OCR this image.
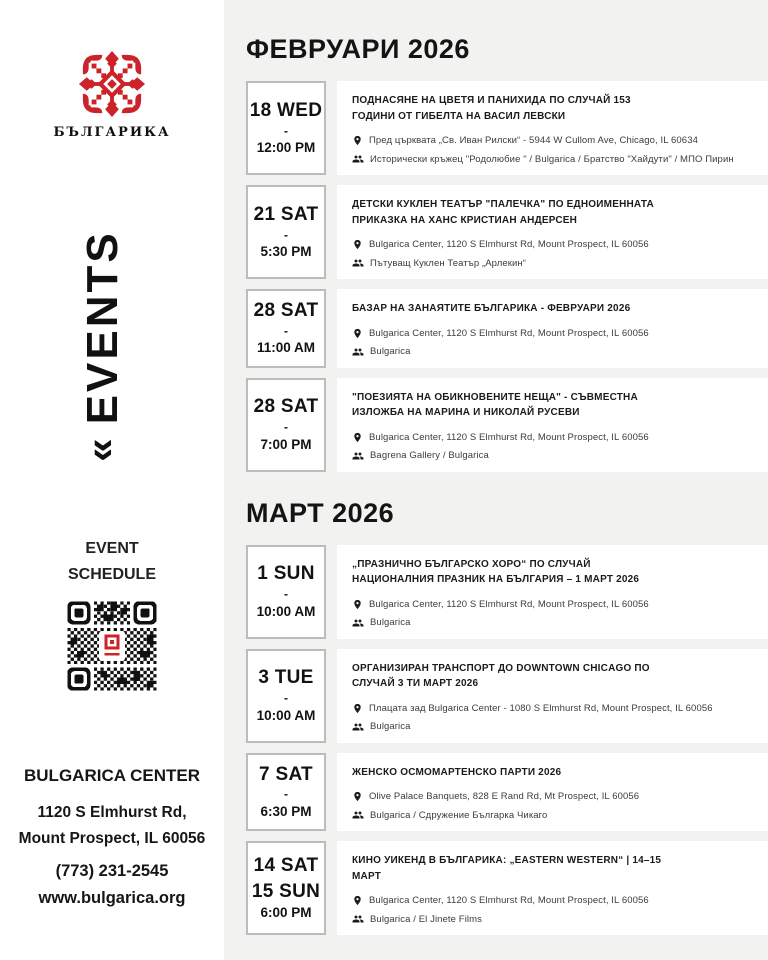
БЪЛГАРИКА
«
EVENTS
EVENT
SCHEDULE
BULGARICA CENTER
1120 S Elmhurst Rd,
Mount Prospect, IL 60056
(773) 231-2545
www.bulgarica.org
ФЕВРУАРИ 2026
18 WED
-
12:00 PM
ПОДНАСЯНЕ НА ЦВЕТЯ И ПАНИХИДА ПО СЛУЧАЙ 153 ГОДИНИ ОТ ГИБЕЛТА НА ВАСИЛ ЛЕВСКИ
Пред църквата „Св. Иван Рилски“ - 5944 W Cullom Ave, Chicago, IL 60634
Исторически кръжец "Родолюбие " / Bulgarica / Братство "Хайдути" / МПО Пирин
21 SAT
-
5:30 PM
ДЕТСКИ КУКЛЕН ТЕАТЪР "ПАЛЕЧКА" ПО ЕДНОИМЕННАТА ПРИКАЗКА НА ХАНС КРИСТИАН АНДЕРСЕН
Bulgarica Center, 1120 S Elmhurst Rd, Mount Prospect, IL 60056
Пътуващ Куклен Театър „Арлекин“
28 SAT
-
11:00 AM
БАЗАР НА ЗАНАЯТИТЕ БЪЛГАРИКА - ФЕВРУАРИ 2026
Bulgarica Center, 1120 S Elmhurst Rd, Mount Prospect, IL 60056
Bulgarica
28 SAT
-
7:00 PM
"ПОЕЗИЯТА НА ОБИКНОВЕНИТЕ НЕЩА" - СЪВМЕСТНА ИЗЛОЖБА НА МАРИНА И НИКОЛАЙ РУСЕВИ
Bulgarica Center, 1120 S Elmhurst Rd, Mount Prospect, IL 60056
Bagrena Gallery / Bulgarica
МАРТ 2026
1 SUN
-
10:00 AM
„ПРАЗНИЧНО БЪЛГАРСКО ХОРО“ ПО СЛУЧАЙ НАЦИОНАЛНИЯ ПРАЗНИК НА БЪЛГАРИЯ – 1 МАРТ 2026
Bulgarica Center, 1120 S Elmhurst Rd, Mount Prospect, IL 60056
Bulgarica
3 TUE
-
10:00 AM
ОРГАНИЗИРАН ТРАНСПОРТ ДО DOWNTOWN CHICAGO ПО СЛУЧАЙ 3 ТИ МАРТ 2026
Плацата зад Bulgarica Center - 1080 S Elmhurst Rd, Mount Prospect, IL 60056
Bulgarica
7 SAT
-
6:30 PM
ЖЕНСКО ОСМОМАРТЕНСКО ПАРТИ 2026
Olive Palace Banquets, 828 E Rand Rd, Mt Prospect, IL 60056
Bulgarica / Сдружение Българка Чикаго
14 SAT
15 SUN
6:00 PM
КИНО УИКЕНД В БЪЛГАРИКА: „EASTERN WESTERN“ | 14–15 МАРТ
Bulgarica Center, 1120 S Elmhurst Rd, Mount Prospect, IL 60056
Bulgarica / El Jinete Films
